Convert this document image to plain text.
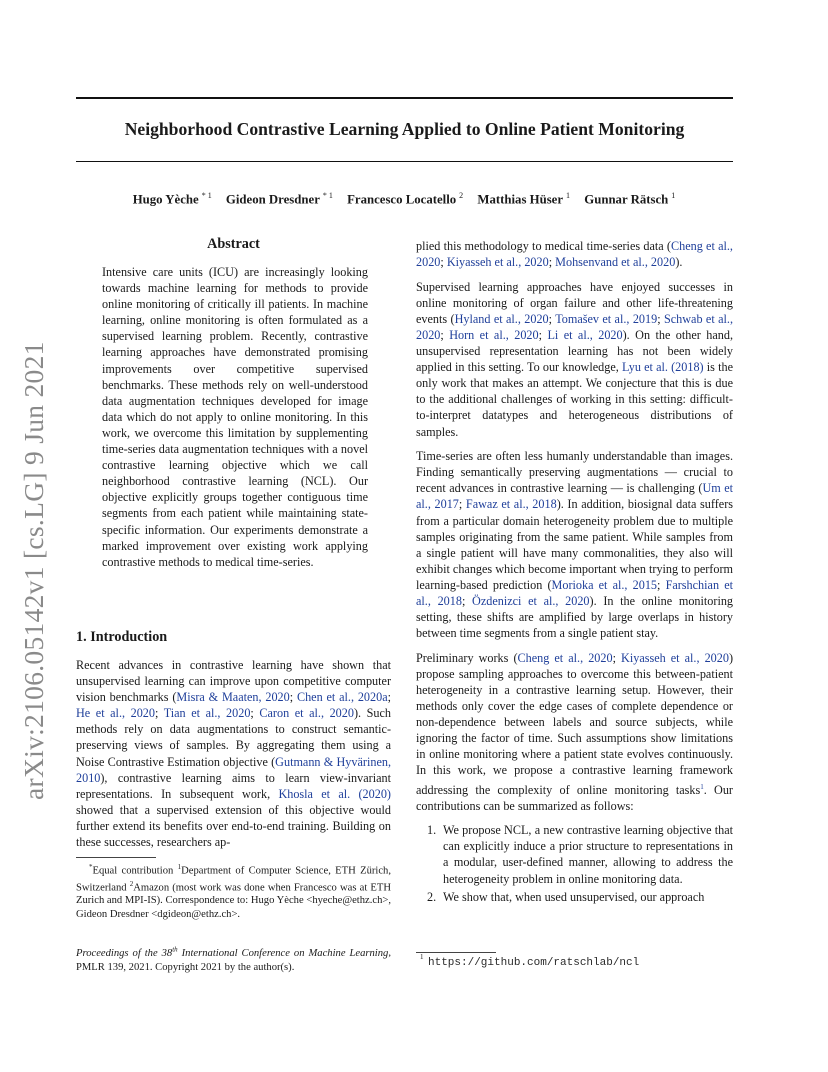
Neighborhood Contrastive Learning Applied to Online Patient Monitoring
Hugo Yèche $^{* 1}$ Gideon Dresdner $^{* 1}$ Francesco Locatello $^2$ Matthias Hüser $^1$ Gunnar Rätsch $^1$
arXiv:2106.05142v1 [cs.LG] 9 Jun 2021
Abstract
Intensive care units (ICU) are increasingly looking towards machine learning for methods to provide online monitoring of critically ill patients. In machine learning, online monitoring is often formulated as a supervised learning problem. Recently, contrastive learning approaches have demonstrated promising improvements over competitive supervised benchmarks. These methods rely on well-understood data augmentation techniques developed for image data which do not apply to online monitoring. In this work, we overcome this limitation by supplementing time-series data augmentation techniques with a novel contrastive learning objective which we call neighborhood contrastive learning (NCL). Our objective explicitly groups together contiguous time segments from each patient while maintaining state-specific information. Our experiments demonstrate a marked improvement over existing work applying contrastive methods to medical time-series.
1. Introduction
Recent advances in contrastive learning have shown that unsupervised learning can improve upon competitive computer vision benchmarks (Misra & Maaten, 2020; Chen et al., 2020a; He et al., 2020; Tian et al., 2020; Caron et al., 2020). Such methods rely on data augmentations to construct semantic-preserving views of samples. By aggregating them using a Noise Contrastive Estimation objective (Gutmann & Hyvärinen, 2010), contrastive learning aims to learn view-invariant representations. In subsequent work, Khosla et al. (2020) showed that a supervised extension of this objective would further extend its benefits over end-to-end training. Building on these successes, researchers ap-
*Equal contribution $^1$Department of Computer Science, ETH Zürich, Switzerland $^2$Amazon (most work was done when Francesco was at ETH Zurich and MPI-IS). Correspondence to: Hugo Yèche <hyeche@ethz.ch>, Gideon Dresdner <dgideon@ethz.ch>.
Proceedings of the 38th International Conference on Machine Learning, PMLR 139, 2021. Copyright 2021 by the author(s).

plied this methodology to medical time-series data (Cheng et al., 2020; Kiyasseh et al., 2020; Mohsenvand et al., 2020).

Supervised learning approaches have enjoyed successes in online monitoring of organ failure and other life-threatening events (Hyland et al., 2020; Tomašev et al., 2019; Schwab et al., 2020; Horn et al., 2020; Li et al., 2020). On the other hand, unsupervised representation learning has not been widely applied in this setting. To our knowledge, Lyu et al. (2018) is the only work that makes an attempt. We conjecture that this is due to the additional challenges of working in this setting: difficult-to-interpret datatypes and heterogeneous distributions of samples.

Time-series are often less humanly understandable than images. Finding semantically preserving augmentations — crucial to recent advances in contrastive learning — is challenging (Um et al., 2017; Fawaz et al., 2018). In addition, biosignal data suffers from a particular domain heterogeneity problem due to multiple samples originating from the same patient. While samples from a single patient will have many commonalities, they also will exhibit changes which become important when trying to perform learning-based prediction (Morioka et al., 2015; Farshchian et al., 2018; Özdenizci et al., 2020). In the online monitoring setting, these shifts are amplified by large overlaps in history between time segments from a single patient stay.

Preliminary works (Cheng et al., 2020; Kiyasseh et al., 2020) propose sampling approaches to overcome this between-patient heterogeneity in a contrastive learning setup. However, their methods only cover the edge cases of complete dependence or non-dependence between labels and source subjects, while ignoring the factor of time. Such assumptions show limitations in online monitoring where a patient state evolves continuously. In this work, we propose a contrastive learning framework addressing the complexity of online monitoring tasks$^1$. Our contributions can be summarized as follows:

1. We propose NCL, a new contrastive learning objective that can explicitly induce a prior structure to representations in a modular, user-defined manner, allowing to address the heterogeneity problem in online monitoring data.
2. We show that, when used unsupervised, our approach
1 https://github.com/ratschlab/ncl
